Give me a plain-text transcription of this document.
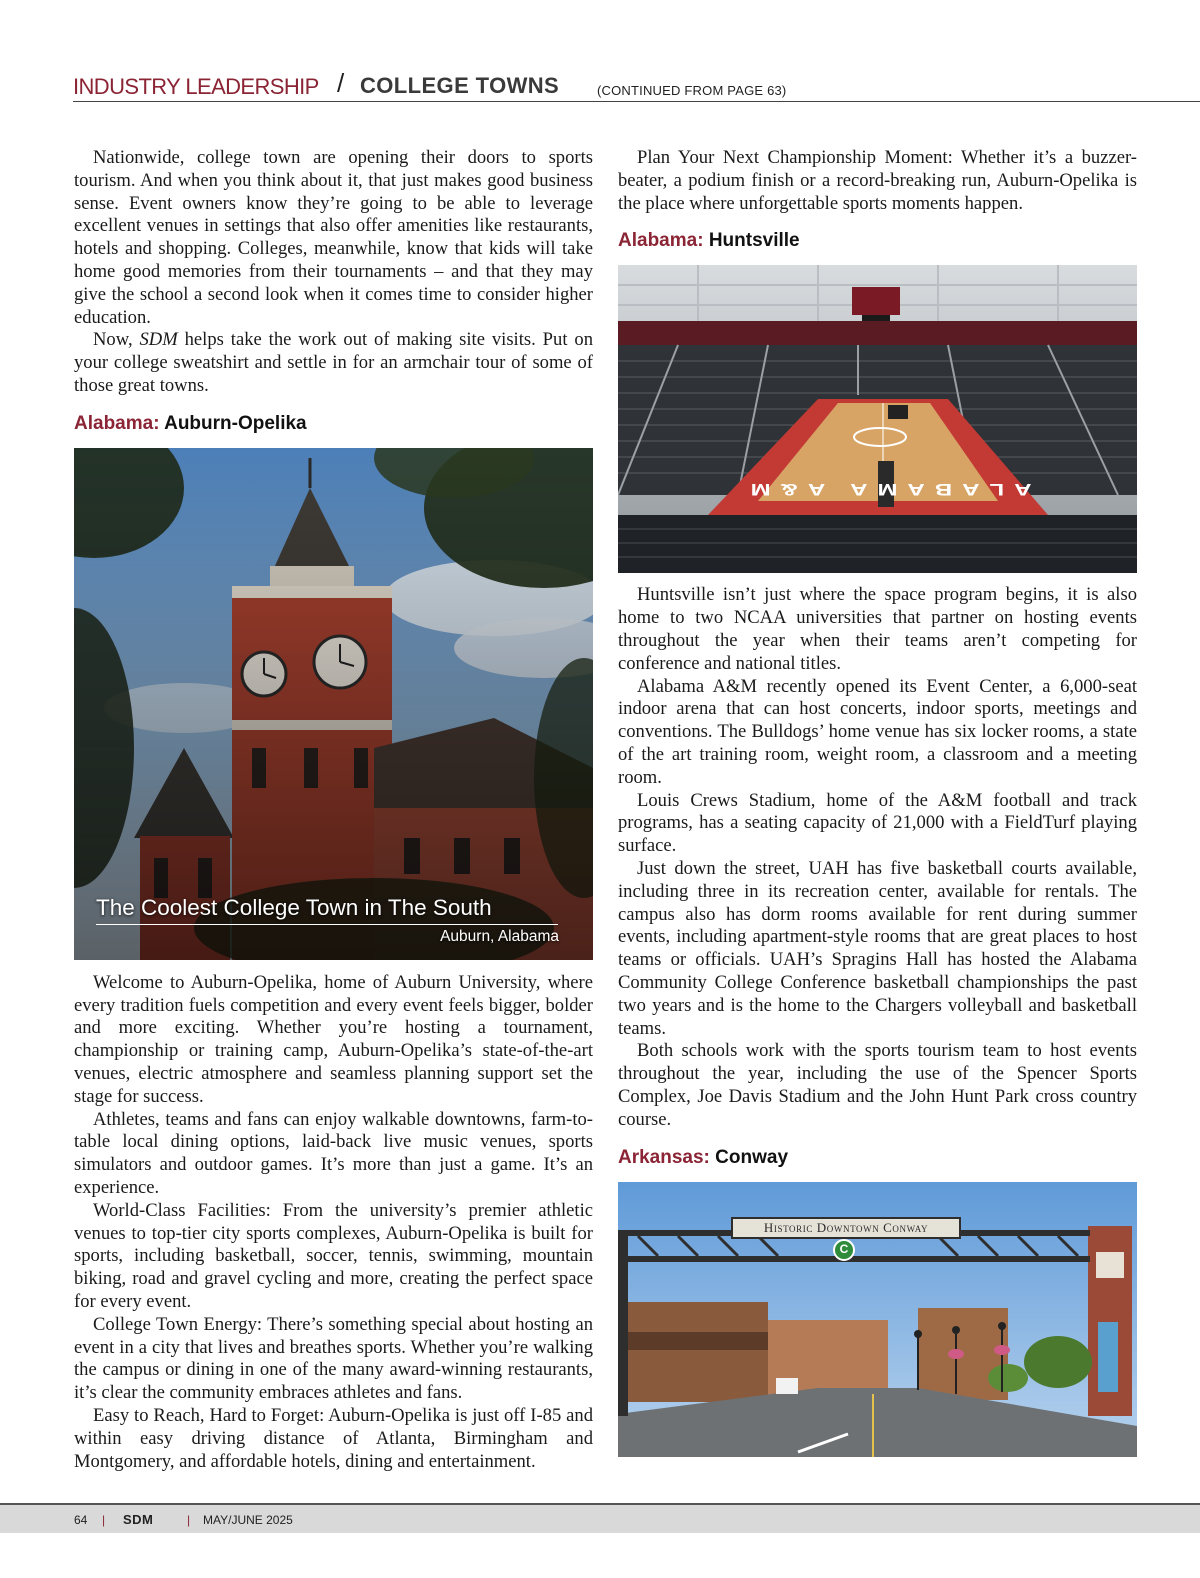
INDUSTRY LEADERSHIP / COLLEGE TOWNS	(CONTINUED FROM PAGE 63)

Nationwide, college town are opening their doors to sports tourism. And when you think about it, that just makes good business sense. Event owners know they’re going to be able to leverage excellent venues in settings that also offer amenities like restaurants, hotels and shopping. Colleges, meanwhile, know that kids will take home good memories from their tournaments – and that they may give the school a second look when it comes time to consider higher education.

Now, SDM helps take the work out of making site visits. Put on your college sweatshirt and settle in for an armchair tour of some of those great towns.

Alabama: Auburn-Opelika
The Coolest College Town in The South
Auburn, Alabama

Welcome to Auburn-Opelika, home of Auburn University, where every tradition fuels competition and every event feels bigger, bolder and more exciting. Whether you’re hosting a tournament, championship or training camp, Auburn-Opelika’s state-of-the-art venues, electric atmosphere and seamless planning support set the stage for success.

Athletes, teams and fans can enjoy walkable downtowns, farm-to-table local dining options, laid-back live music venues, sports simulators and outdoor games. It’s more than just a game. It’s an experience.

World-Class Facilities: From the university’s premier athletic venues to top-tier city sports complexes, Auburn-Opelika is built for sports, including basketball, soccer, tennis, swimming, mountain biking, road and gravel cycling and more, creating the perfect space for every event.

College Town Energy: There’s something special about hosting an event in a city that lives and breathes sports. Whether you’re walking the campus or dining in one of the many award-winning restaurants, it’s clear the community embraces athletes and fans.

Easy to Reach, Hard to Forget: Auburn-Opelika is just off I-85 and within easy driving distance of Atlanta, Birmingham and Montgomery, and affordable hotels, dining and entertainment.

Plan Your Next Championship Moment: Whether it’s a buzzer-beater, a podium finish or a record-breaking run, Auburn-Opelika is the place where unforgettable sports moments happen.

Alabama: Huntsville
ALABAMA A&M

Huntsville isn’t just where the space program begins, it is also home to two NCAA universities that partner on hosting events throughout the year when their teams aren’t competing for conference and national titles.

Alabama A&M recently opened its Event Center, a 6,000-seat indoor arena that can host concerts, indoor sports, meetings and conventions. The Bulldogs’ home venue has six locker rooms, a state of the art training room, weight room, a classroom and a meeting room.

Louis Crews Stadium, home of the A&M football and track programs, has a seating capacity of 21,000 with a FieldTurf playing surface.

Just down the street, UAH has five basketball courts available, including three in its recreation center, available for rentals. The campus also has dorm rooms available for rent during summer events, including apartment-style rooms that are great places to host teams or officials. UAH’s Spragins Hall has hosted the Alabama Community College Conference basketball championships the past two years and is the home to the Chargers volleyball and basketball teams.

Both schools work with the sports tourism team to host events throughout the year, including the use of the Spencer Sports Complex, Joe Davis Stadium and the John Hunt Park cross country course.

Arkansas: Conway
Historic Downtown Conway
C
64 | SDM	| MAY/JUNE 2025
